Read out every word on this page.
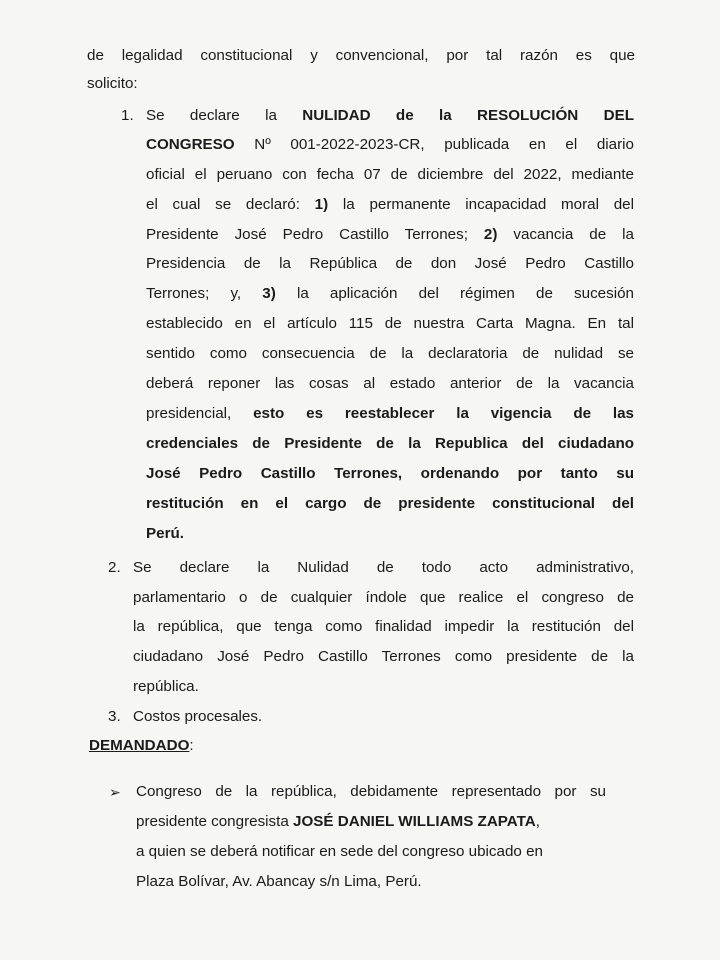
de legalidad constitucional y convencional, por tal razón es que
solicito:
1. Se declare la NULIDAD de la RESOLUCIÓN DEL
CONGRESO Nº 001-2022-2023-CR, publicada en el diario
oficial el peruano con fecha 07 de diciembre del 2022, mediante
el cual se declaró: 1) la permanente incapacidad moral del
Presidente José Pedro Castillo Terrones; 2) vacancia de la
Presidencia de la República de don José Pedro Castillo
Terrones; y, 3) la aplicación del régimen de sucesión
establecido en el artículo 115 de nuestra Carta Magna. En tal
sentido como consecuencia de la declaratoria de nulidad se
deberá reponer las cosas al estado anterior de la vacancia
presidencial, esto es reestablecer la vigencia de las
credenciales de Presidente de la Republica del ciudadano
José Pedro Castillo Terrones, ordenando por tanto su
restitución en el cargo de presidente constitucional del
Perú.
2. Se declare la Nulidad de todo acto administrativo,
parlamentario o de cualquier índole que realice el congreso de
la república, que tenga como finalidad impedir la restitución del
ciudadano José Pedro Castillo Terrones como presidente de la
república.
3. Costos procesales.
DEMANDADO:
➢ Congreso de la república, debidamente representado por su
presidente congresista JOSÉ DANIEL WILLIAMS ZAPATA,
a quien se deberá notificar en sede del congreso ubicado en
Plaza Bolívar, Av. Abancay s/n Lima, Perú.
